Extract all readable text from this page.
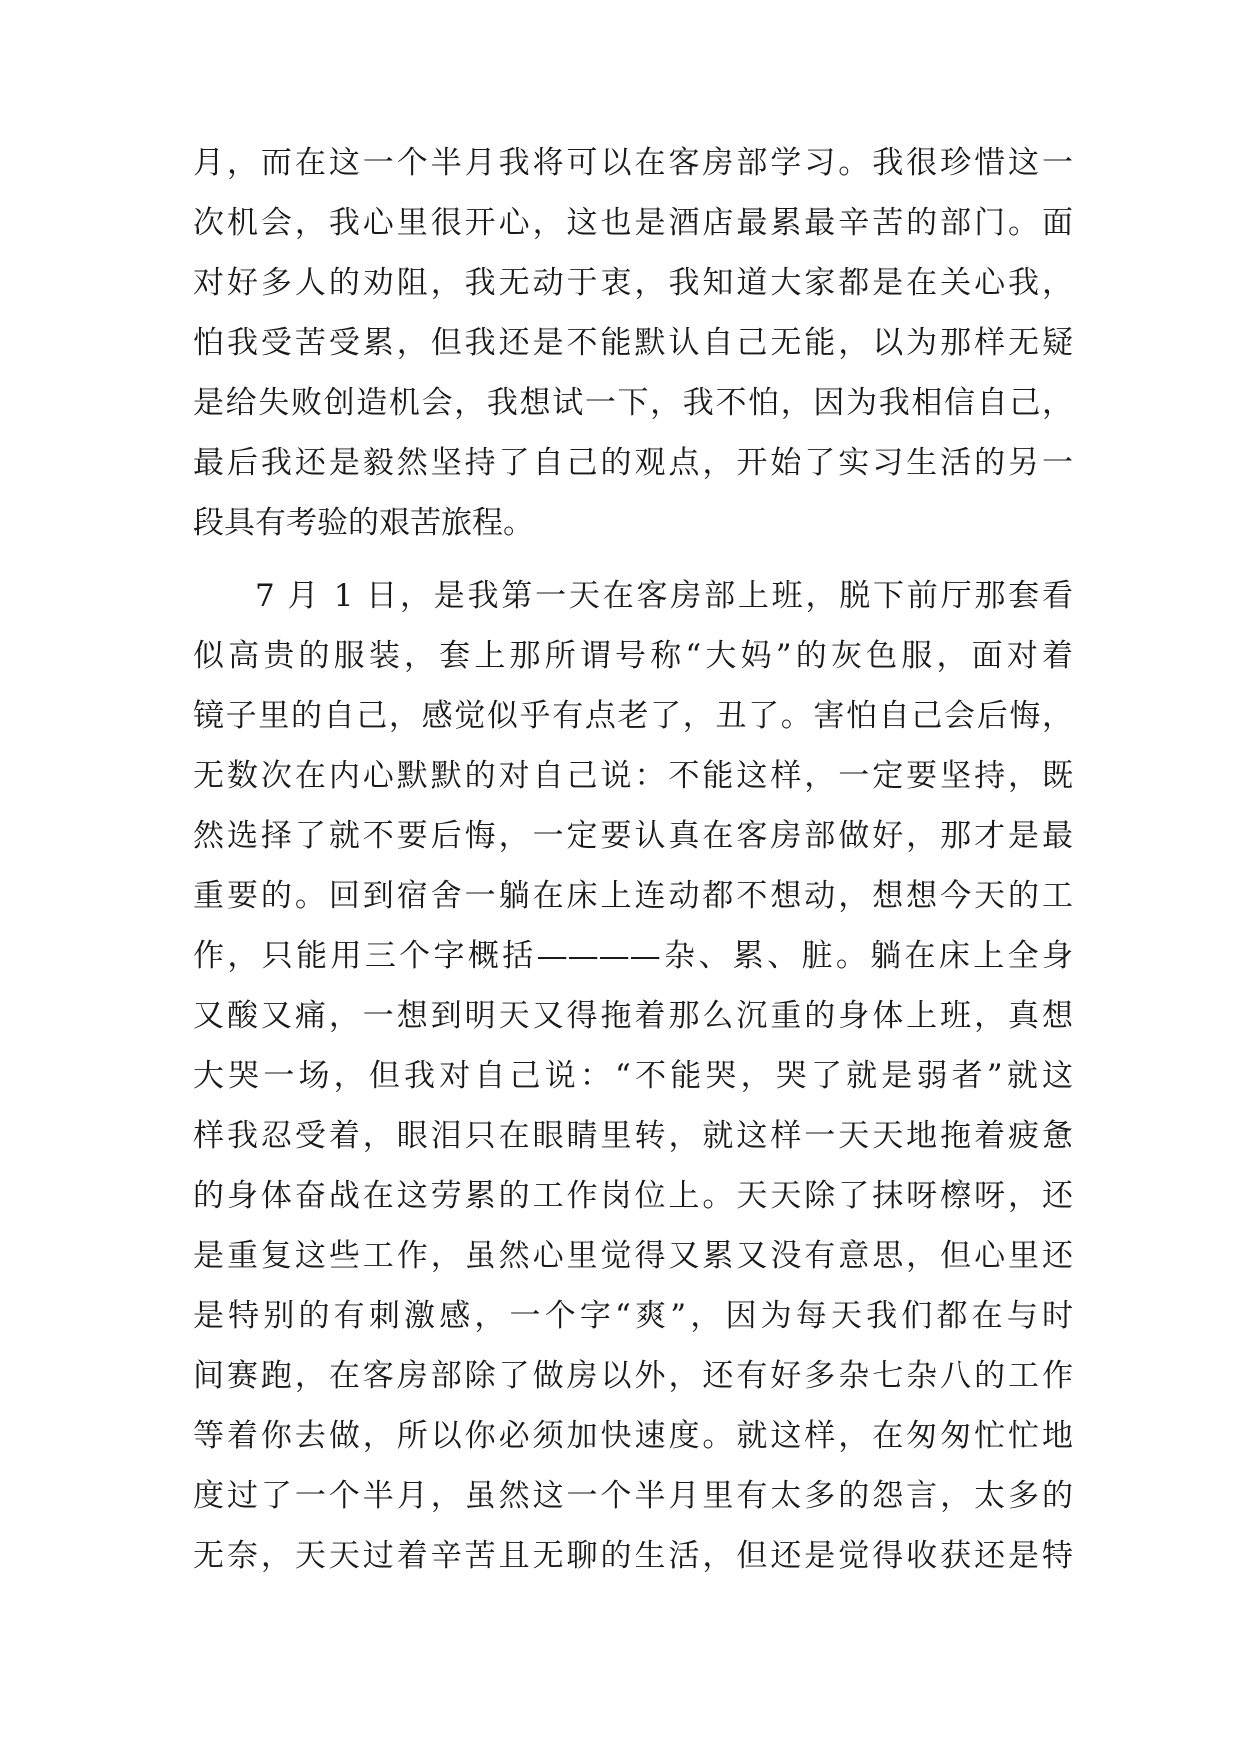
月，而在这一个半月我将可以在客房部学习。我很珍惜这一
次机会，我心里很开心，这也是酒店最累最辛苦的部门。面
对好多人的劝阻，我无动于衷，我知道大家都是在关心我，
怕我受苦受累，但我还是不能默认自己无能，以为那样无疑
是给失败创造机会，我想试一下，我不怕，因为我相信自己，
最后我还是毅然坚持了自己的观点，开始了实习生活的另一
段具有考验的艰苦旅程。
7 月 1 日，是我第一天在客房部上班，脱下前厅那套看
似高贵的服装，套上那所谓号称“大妈”的灰色服，面对着
镜子里的自己，感觉似乎有点老了，丑了。害怕自己会后悔，
无数次在内心默默的对自己说：不能这样，一定要坚持，既
然选择了就不要后悔，一定要认真在客房部做好，那才是最
重要的。回到宿舍一躺在床上连动都不想动，想想今天的工
作，只能用三个字概括————杂、累、脏。躺在床上全身
又酸又痛，一想到明天又得拖着那么沉重的身体上班，真想
大哭一场，但我对自己说：“不能哭，哭了就是弱者”就这
样我忍受着，眼泪只在眼睛里转，就这样一天天地拖着疲惫
的身体奋战在这劳累的工作岗位上。天天除了抹呀檫呀，还
是重复这些工作，虽然心里觉得又累又没有意思，但心里还
是特别的有刺激感，一个字“爽”，因为每天我们都在与时
间赛跑，在客房部除了做房以外，还有好多杂七杂八的工作
等着你去做，所以你必须加快速度。就这样，在匆匆忙忙地
度过了一个半月，虽然这一个半月里有太多的怨言，太多的
无奈，天天过着辛苦且无聊的生活，但还是觉得收获还是特
